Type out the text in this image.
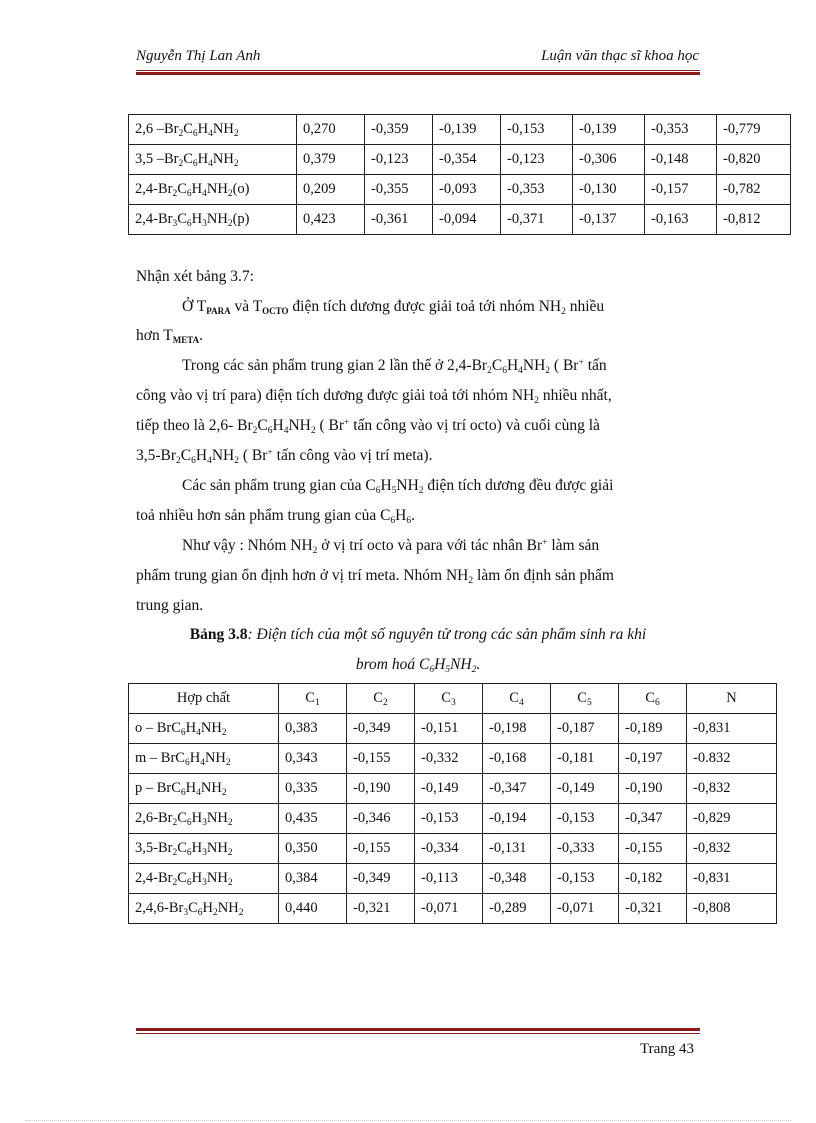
Nguyễn Thị Lan Anh	Luận văn thạc sĩ khoa học
2,6 $-Br_2C_6H_4NH_2$	0,270	-0,359	-0,139	-0,153	-0,139	-0,353	-0,779
3,5 $-Br_2C_6H_4NH_2$	0,379	-0,123	-0,354	-0,123	-0,306	-0,148	-0,820
$2,4-Br_2C_6H_4NH_2(o)$	0,209	-0,355	-0,093	-0,353	-0,130	-0,157	-0,782
$2,4-Br_3C_6H_3NH_2(p)$	0,423	-0,361	-0,094	-0,371	-0,137	-0,163	-0,812
Nhận xét bảng 3.7:
Ở $T_{PARA}$ và $T_{OCTO}$ điện tích dương được giải toả tới nhóm $NH_2$ nhiều
hơn $T_{META}$.
Trong các sản phẩm trung gian 2 lần thế ở $2,4-Br_2C_6H_4NH_2$ ( Br+ tấn
công vào vị trí para) điện tích dương được giải toả tới nhóm $NH_2$ nhiều nhất,
tiếp theo là 2,6- $Br_2C_6H_4NH_2$ ( Br+ tấn công vào vị trí octo) và cuối cùng là
$3,5-Br_2C_6H_4NH_2$ ( Br+ tấn công vào vị trí meta).
Các sản phẩm trung gian của $C_6H_5NH_2$ điện tích dương đều được giải
toả nhiều hơn sản phẩm trung gian của $C_6H_6$.
Như vậy : Nhóm $NH_2$ ở vị trí octo và para với tác nhân Br+ làm sản
phẩm trung gian ổn định hơn ở vị trí meta. Nhóm $NH_2$ làm ổn định sản phẩm
trung gian.
Bảng 3.8: Điện tích của một số nguyên tử trong các sản phẩm sinh ra khi
brom hoá $C_6H_5NH_2$.
Hợp chất	$C_1$	$C_2$	$C_3$	$C_4$	$C_5$	$C_6$	N
o – $BrC_6H_4NH_2$	0,383	-0,349	-0,151	-0,198	-0,187	-0,189	-0,831
m – $BrC_6H_4NH_2$	0,343	-0,155	-0,332	-0,168	-0,181	-0,197	-0.832
p – $BrC_6H_4NH_2$	0,335	-0,190	-0,149	-0,347	-0,149	-0,190	-0,832
$2,6-Br_2C_6H_3NH_2$	0,435	-0,346	-0,153	-0,194	-0,153	-0,347	-0,829
$3,5-Br_2C_6H_3NH_2$	0,350	-0,155	-0,334	-0,131	-0,333	-0,155	-0,832
$2,4-Br_2C_6H_3NH_2$	0,384	-0,349	-0,113	-0,348	-0,153	-0,182	-0,831
$2,4,6-Br_3C_6H_2NH_2$	0,440	-0,321	-0,071	-0,289	-0,071	-0,321	-0,808
Trang 43
